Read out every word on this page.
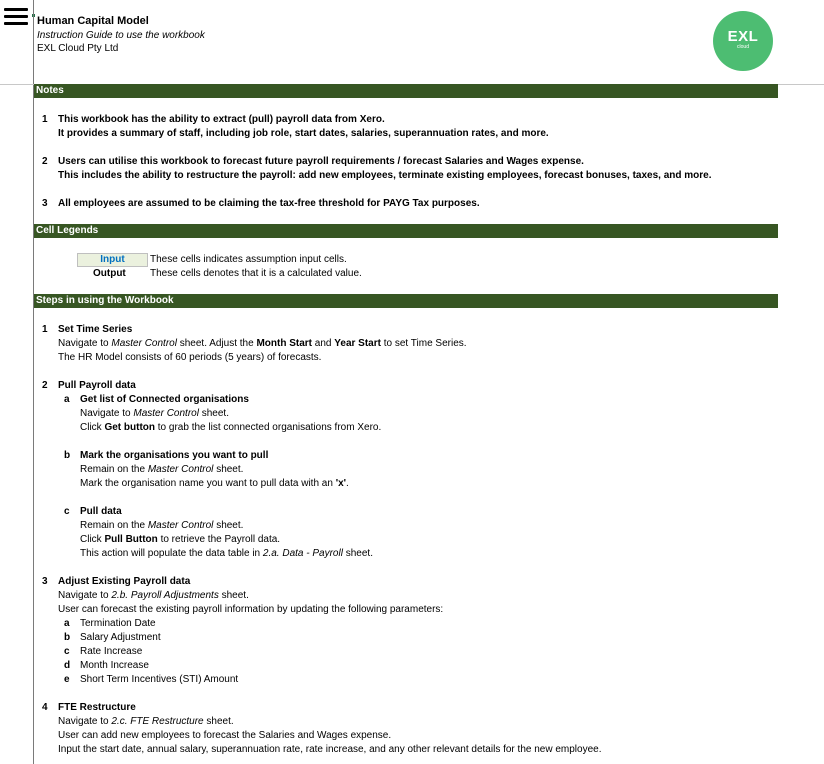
Human Capital Model
Instruction Guide to use the workbook
EXL Cloud Pty Ltd
EXL
cloud
Notes
1 This workbook has the ability to extract (pull) payroll data from Xero.
It provides a summary of staff, including job role, start dates, salaries, superannuation rates, and more.
2 Users can utilise this workbook to forecast future payroll requirements / forecast Salaries and Wages expense.
This includes the ability to restructure the payroll: add new employees, terminate existing employees, forecast bonuses, taxes, and more.
3 All employees are assumed to be claiming the tax-free threshold for PAYG Tax purposes.
Cell Legends
Input	These cells indicates assumption input cells.
Output These cells denotes that it is a calculated value.
Steps in using the Workbook
1 Set Time Series
Navigate to Master Control sheet. Adjust the Month Start and Year Start to set Time Series.
The HR Model consists of 60 periods (5 years) of forecasts.
2 Pull Payroll data
a Get list of Connected organisations
Navigate to Master Control sheet.
Click Get button to grab the list connected organisations from Xero.
b Mark the organisations you want to pull
Remain on the Master Control sheet.
Mark the organisation name you want to pull data with an 'x'.
c Pull data
Remain on the Master Control sheet.
Click Pull Button to retrieve the Payroll data.
This action will populate the data table in 2.a. Data - Payroll sheet.
3 Adjust Existing Payroll data
Navigate to 2.b. Payroll Adjustments sheet.
User can forecast the existing payroll information by updating the following parameters:
a Termination Date
b Salary Adjustment
c Rate Increase
d Month Increase
e Short Term Incentives (STI) Amount
4 FTE Restructure
Navigate to 2.c. FTE Restructure sheet.
User can add new employees to forecast the Salaries and Wages expense.
Input the start date, annual salary, superannuation rate, rate increase, and any other relevant details for the new employee.
